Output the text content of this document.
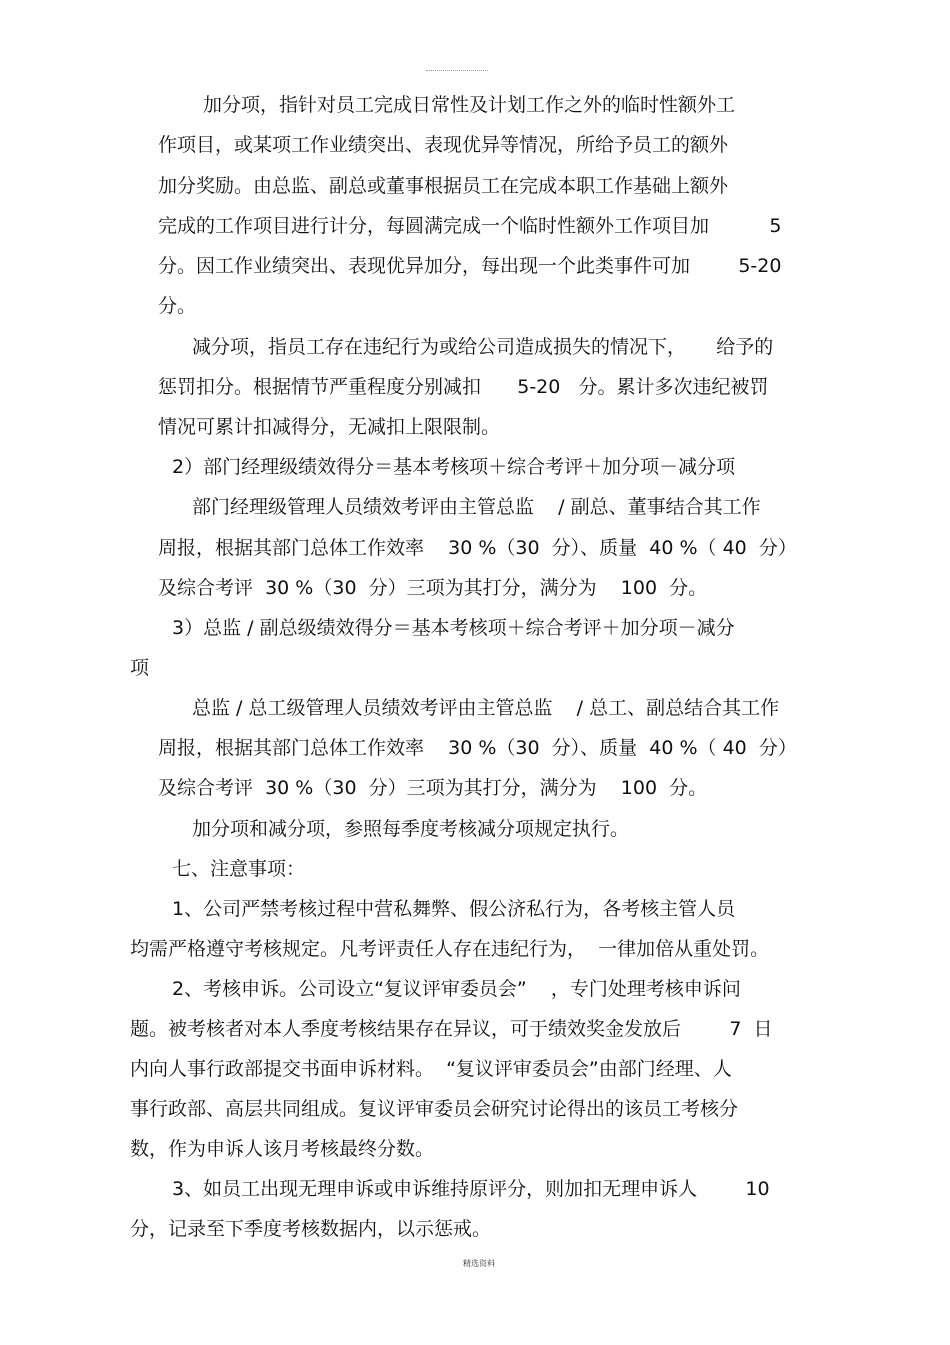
加分项，指针对员工完成日常性及计划工作之外的临时性额外工
作项目，或某项工作业绩突出、表现优异等情况，所给予员工的额外
加分奖励。由总监、副总或董事根据员工在完成本职工作基础上额外
完成的工作项目进行计分，每圆满完成一个临时性额外工作项目加          5
分。因工作业绩突出、表现优异加分，每出现一个此类事件可加        5-20
分。
减分项，指员工存在违纪行为或给公司造成损失的情况下，     给予的
惩罚扣分。根据情节严重程度分别减扣      5-20   分。累计多次违纪被罚
情况可累计扣减得分，无减扣上限限制。
2）部门经理级绩效得分＝基本考核项＋综合考评＋加分项－减分项
部门经理级管理人员绩效考评由主管总监    / 副总、董事结合其工作
周报，根据其部门总体工作效率    30 %（30  分）、质量  40 %（ 40  分）
及综合考评  30 %（30  分）三项为其打分，满分为    100  分。
3）总监 / 副总级绩效得分＝基本考核项＋综合考评＋加分项－减分
项
总监 / 总工级管理人员绩效考评由主管总监    / 总工、副总结合其工作
周报，根据其部门总体工作效率    30 %（30  分）、质量  40 %（ 40  分）
及综合考评  30 %（30  分）三项为其打分，满分为    100  分。
加分项和减分项，参照每季度考核减分项规定执行。
七、注意事项：
1、公司严禁考核过程中营私舞弊、假公济私行为，各考核主管人员
均需严格遵守考核规定。凡考评责任人存在违纪行为，  一律加倍从重处罚。
2、考核申诉。公司设立“复议评审委员会”    ，专门处理考核申诉问
题。被考核者对本人季度考核结果存在异议，可于绩效奖金发放后        7  日
内向人事行政部提交书面申诉材料。  “复议评审委员会”由部门经理、人
事行政部、高层共同组成。复议评审委员会研究讨论得出的该员工考核分
数，作为申诉人该月考核最终分数。
3、如员工出现无理申诉或申诉维持原评分，则加扣无理申诉人        10
分，记录至下季度考核数据内，以示惩戒。
精选资料
